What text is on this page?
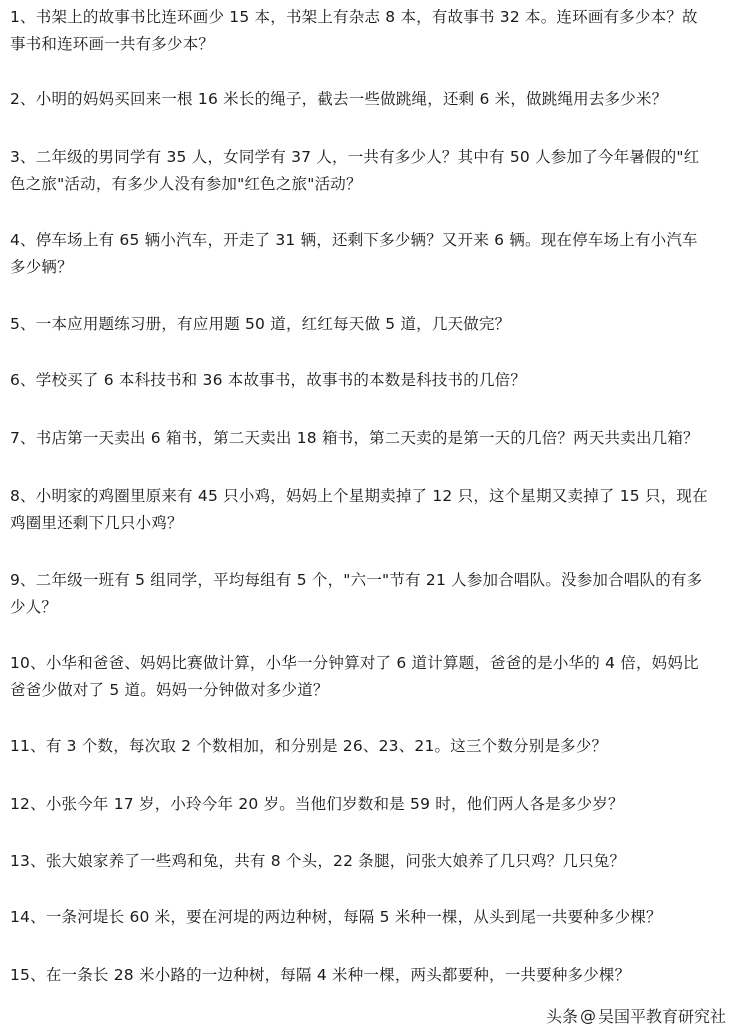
1、书架上的故事书比连环画少 15 本，书架上有杂志 8 本，有故事书 32 本。连环画有多少本？故事书和连环画一共有多少本？

2、小明的妈妈买回来一根 16 米长的绳子，截去一些做跳绳，还剩 6 米，做跳绳用去多少米？

3、二年级的男同学有 35 人，女同学有 37 人，一共有多少人？其中有 50 人参加了今年暑假的"红色之旅"活动，有多少人没有参加"红色之旅"活动？

4、停车场上有 65 辆小汽车，开走了 31 辆，还剩下多少辆？又开来 6 辆。现在停车场上有小汽车多少辆？

5、一本应用题练习册，有应用题 50 道，红红每天做 5 道，几天做完？

6、学校买了 6 本科技书和 36 本故事书，故事书的本数是科技书的几倍？

7、书店第一天卖出 6 箱书，第二天卖出 18 箱书，第二天卖的是第一天的几倍？两天共卖出几箱？

8、小明家的鸡圈里原来有 45 只小鸡，妈妈上个星期卖掉了 12 只，这个星期又卖掉了 15 只，现在鸡圈里还剩下几只小鸡？

9、二年级一班有 5 组同学，平均每组有 5 个，"六一"节有 21 人参加合唱队。没参加合唱队的有多少人？

10、小华和爸爸、妈妈比赛做计算，小华一分钟算对了 6 道计算题，爸爸的是小华的 4 倍，妈妈比爸爸少做对了 5 道。妈妈一分钟做对多少道？

11、有 3 个数，每次取 2 个数相加，和分别是 26、23、21。这三个数分别是多少？

12、小张今年 17 岁，小玲今年 20 岁。当他们岁数和是 59 时，他们两人各是多少岁？

13、张大娘家养了一些鸡和兔，共有 8 个头，22 条腿，问张大娘养了几只鸡？几只兔？

14、一条河堤长 60 米，要在河堤的两边种树，每隔 5 米种一棵，从头到尾一共要种多少棵？

15、在一条长 28 米小路的一边种树，每隔 4 米种一棵，两头都要种，一共要种多少棵？

头条 @ 吴国平教育研究社
